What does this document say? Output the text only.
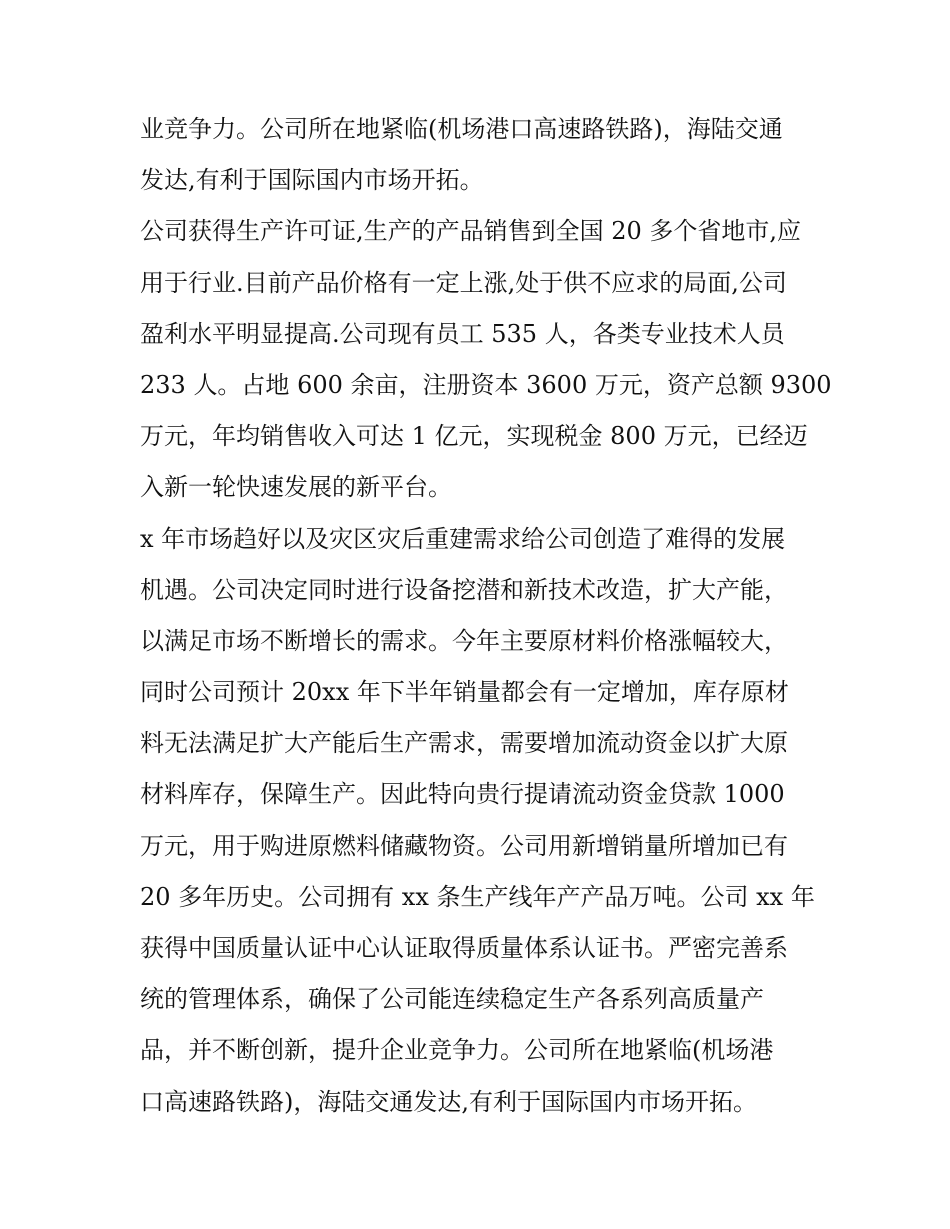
业竞争力。公司所在地紧临(机场港口高速路铁路)，海陆交通
发达,有利于国际国内市场开拓。
公司获得生产许可证,生产的产品销售到全国 20 多个省地市,应
用于行业.目前产品价格有一定上涨,处于供不应求的局面,公司
盈利水平明显提高.公司现有员工 535 人，各类专业技术人员
233 人。占地 600 余亩，注册资本 3600 万元，资产总额 9300
万元，年均销售收入可达 1 亿元，实现税金 800 万元，已经迈
入新一轮快速发展的新平台。
x 年市场趋好以及灾区灾后重建需求给公司创造了难得的发展
机遇。公司决定同时进行设备挖潜和新技术改造，扩大产能，
以满足市场不断增长的需求。今年主要原材料价格涨幅较大，
同时公司预计 20xx 年下半年销量都会有一定增加，库存原材
料无法满足扩大产能后生产需求，需要增加流动资金以扩大原
材料库存，保障生产。因此特向贵行提请流动资金贷款 1000
万元，用于购进原燃料储藏物资。公司用新增销量所增加已有
20 多年历史。公司拥有 xx 条生产线年产产品万吨。公司 xx 年
获得中国质量认证中心认证取得质量体系认证书。严密完善系
统的管理体系，确保了公司能连续稳定生产各系列高质量产
品，并不断创新，提升企业竞争力。公司所在地紧临(机场港
口高速路铁路)，海陆交通发达,有利于国际国内市场开拓。
